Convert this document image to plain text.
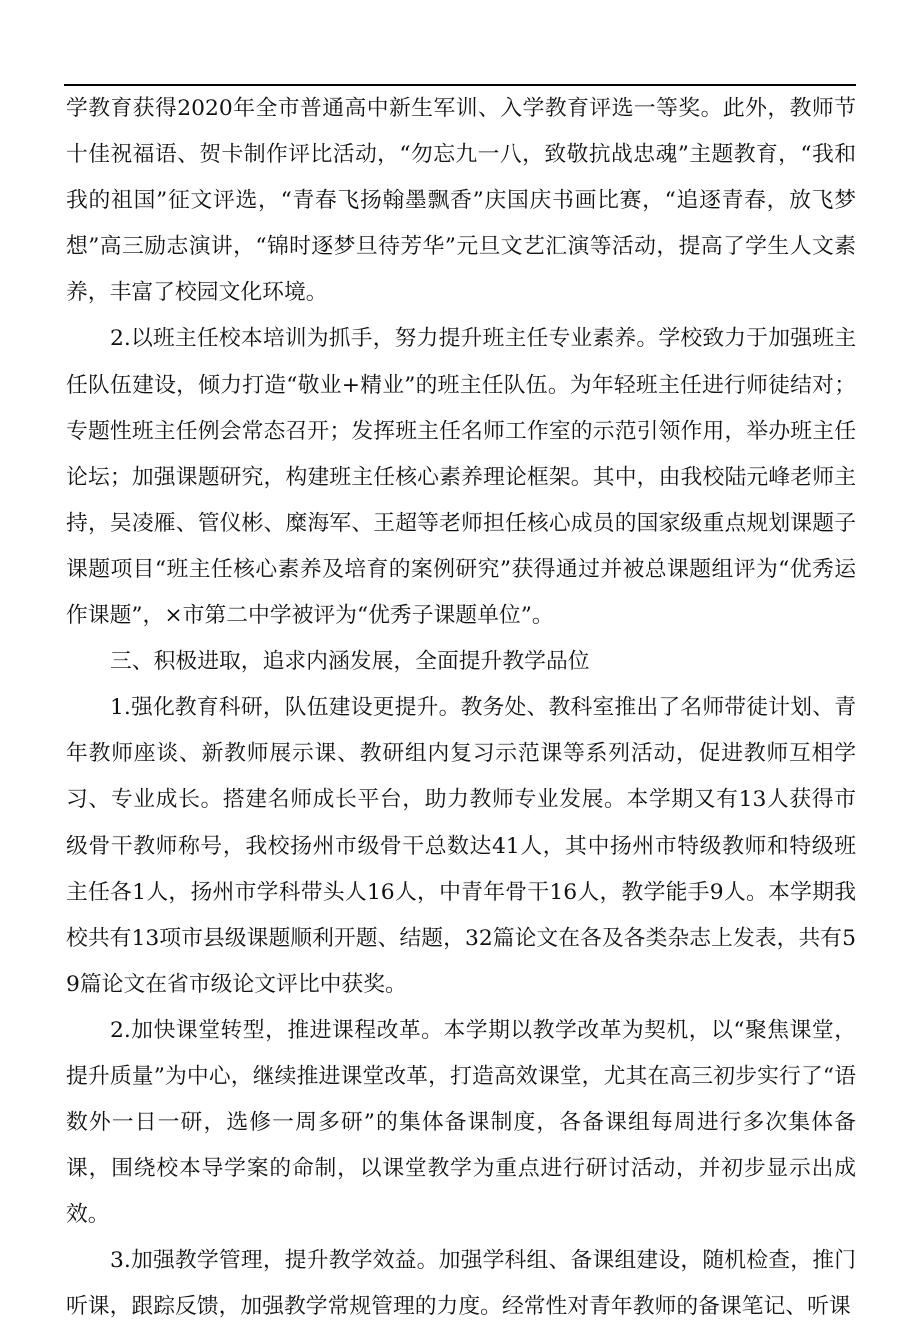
学教育获得2020年全市普通高中新生军训、入学教育评选一等奖。此外，教师节十佳祝福语、贺卡制作评比活动，“勿忘九一八，致敬抗战忠魂”主题教育，“我和我的祖国”征文评选，“青春飞扬翰墨飘香”庆国庆书画比赛，“追逐青春，放飞梦想”高三励志演讲，“锦时逐梦旦待芳华”元旦文艺汇演等活动，提高了学生人文素养，丰富了校园文化环境。

2.以班主任校本培训为抓手，努力提升班主任专业素养。学校致力于加强班主任队伍建设，倾力打造“敬业+精业”的班主任队伍。为年轻班主任进行师徒结对；专题性班主任例会常态召开；发挥班主任名师工作室的示范引领作用，举办班主任论坛；加强课题研究，构建班主任核心素养理论框架。其中，由我校陆元峰老师主持，吴凌雁、管仪彬、糜海军、王超等老师担任核心成员的国家级重点规划课题子课题项目“班主任核心素养及培育的案例研究”获得通过并被总课题组评为“优秀运作课题”，×市第二中学被评为“优秀子课题单位”。

三、积极进取，追求内涵发展，全面提升教学品位

1.强化教育科研，队伍建设更提升。教务处、教科室推出了名师带徒计划、青年教师座谈、新教师展示课、教研组内复习示范课等系列活动，促进教师互相学习、专业成长。搭建名师成长平台，助力教师专业发展。本学期又有13人获得市级骨干教师称号，我校扬州市级骨干总数达41人，其中扬州市特级教师和特级班主任各1人，扬州市学科带头人16人，中青年骨干16人，教学能手9人。本学期我校共有13项市县级课题顺利开题、结题，32篇论文在各及各类杂志上发表，共有59篇论文在省市级论文评比中获奖。

2.加快课堂转型，推进课程改革。本学期以教学改革为契机，以“聚焦课堂，提升质量”为中心，继续推进课堂改革，打造高效课堂，尤其在高三初步实行了“语数外一日一研，选修一周多研”的集体备课制度，各备课组每周进行多次集体备课，围绕校本导学案的命制，以课堂教学为重点进行研讨活动，并初步显示出成效。

3.加强教学管理，提升教学效益。加强学科组、备课组建设，随机检查，推门听课，跟踪反馈，加强教学常规管理的力度。经常性对青年教师的备课笔记、听课
